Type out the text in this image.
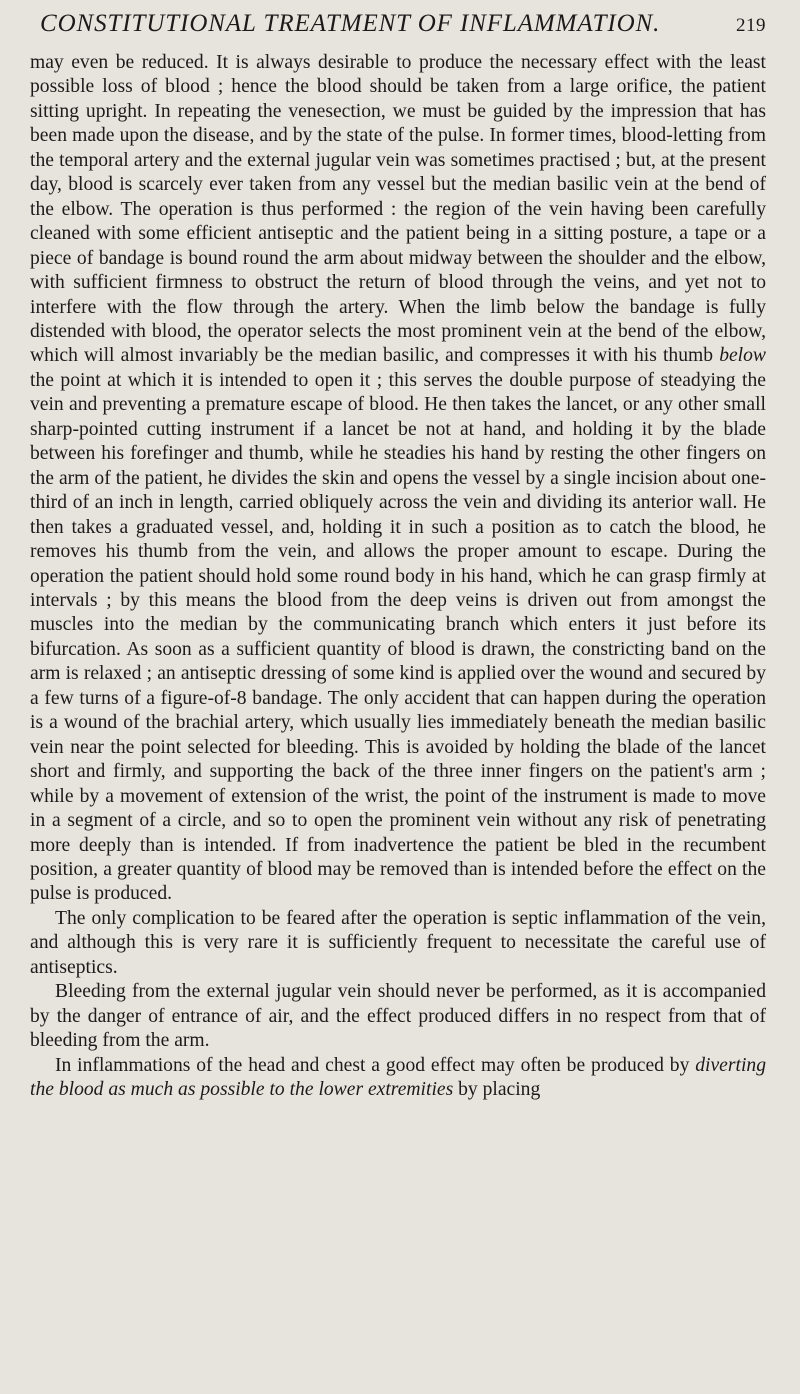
CONSTITUTIONAL TREATMENT OF INFLAMMATION.	219

may even be reduced. It is always desirable to produce the necessary effect with the least possible loss of blood ; hence the blood should be taken from a large orifice, the patient sitting upright. In repeating the venesection, we must be guided by the impression that has been made upon the disease, and by the state of the pulse. In former times, blood-letting from the temporal artery and the external jugular vein was sometimes practised ; but, at the present day, blood is scarcely ever taken from any vessel but the median basilic vein at the bend of the elbow. The operation is thus performed : the region of the vein having been carefully cleaned with some efficient antiseptic and the patient being in a sitting posture, a tape or a piece of bandage is bound round the arm about midway between the shoulder and the elbow, with sufficient firmness to obstruct the return of blood through the veins, and yet not to interfere with the flow through the artery. When the limb below the bandage is fully distended with blood, the operator selects the most prominent vein at the bend of the elbow, which will almost invariably be the median basilic, and compresses it with his thumb below the point at which it is intended to open it ; this serves the double purpose of steadying the vein and preventing a premature escape of blood. He then takes the lancet, or any other small sharp-pointed cutting instrument if a lancet be not at hand, and holding it by the blade between his forefinger and thumb, while he steadies his hand by resting the other fingers on the arm of the patient, he divides the skin and opens the vessel by a single incision about one-third of an inch in length, carried obliquely across the vein and dividing its anterior wall. He then takes a graduated vessel, and, holding it in such a position as to catch the blood, he removes his thumb from the vein, and allows the proper amount to escape. During the operation the patient should hold some round body in his hand, which he can grasp firmly at intervals ; by this means the blood from the deep veins is driven out from amongst the muscles into the median by the communicating branch which enters it just before its bifurcation. As soon as a sufficient quantity of blood is drawn, the constricting band on the arm is relaxed ; an antiseptic dressing of some kind is applied over the wound and secured by a few turns of a figure-of-8 bandage. The only accident that can happen during the operation is a wound of the brachial artery, which usually lies immediately beneath the median basilic vein near the point selected for bleeding. This is avoided by holding the blade of the lancet short and firmly, and supporting the back of the three inner fingers on the patient's arm ; while by a movement of extension of the wrist, the point of the instrument is made to move in a segment of a circle, and so to open the prominent vein without any risk of penetrating more deeply than is intended. If from inadvertence the patient be bled in the recumbent position, a greater quantity of blood may be removed than is intended before the effect on the pulse is produced.

The only complication to be feared after the operation is septic inflammation of the vein, and although this is very rare it is sufficiently frequent to necessitate the careful use of antiseptics.

Bleeding from the external jugular vein should never be performed, as it is accompanied by the danger of entrance of air, and the effect produced differs in no respect from that of bleeding from the arm.

In inflammations of the head and chest a good effect may often be produced by diverting the blood as much as possible to the lower extremities by placing
